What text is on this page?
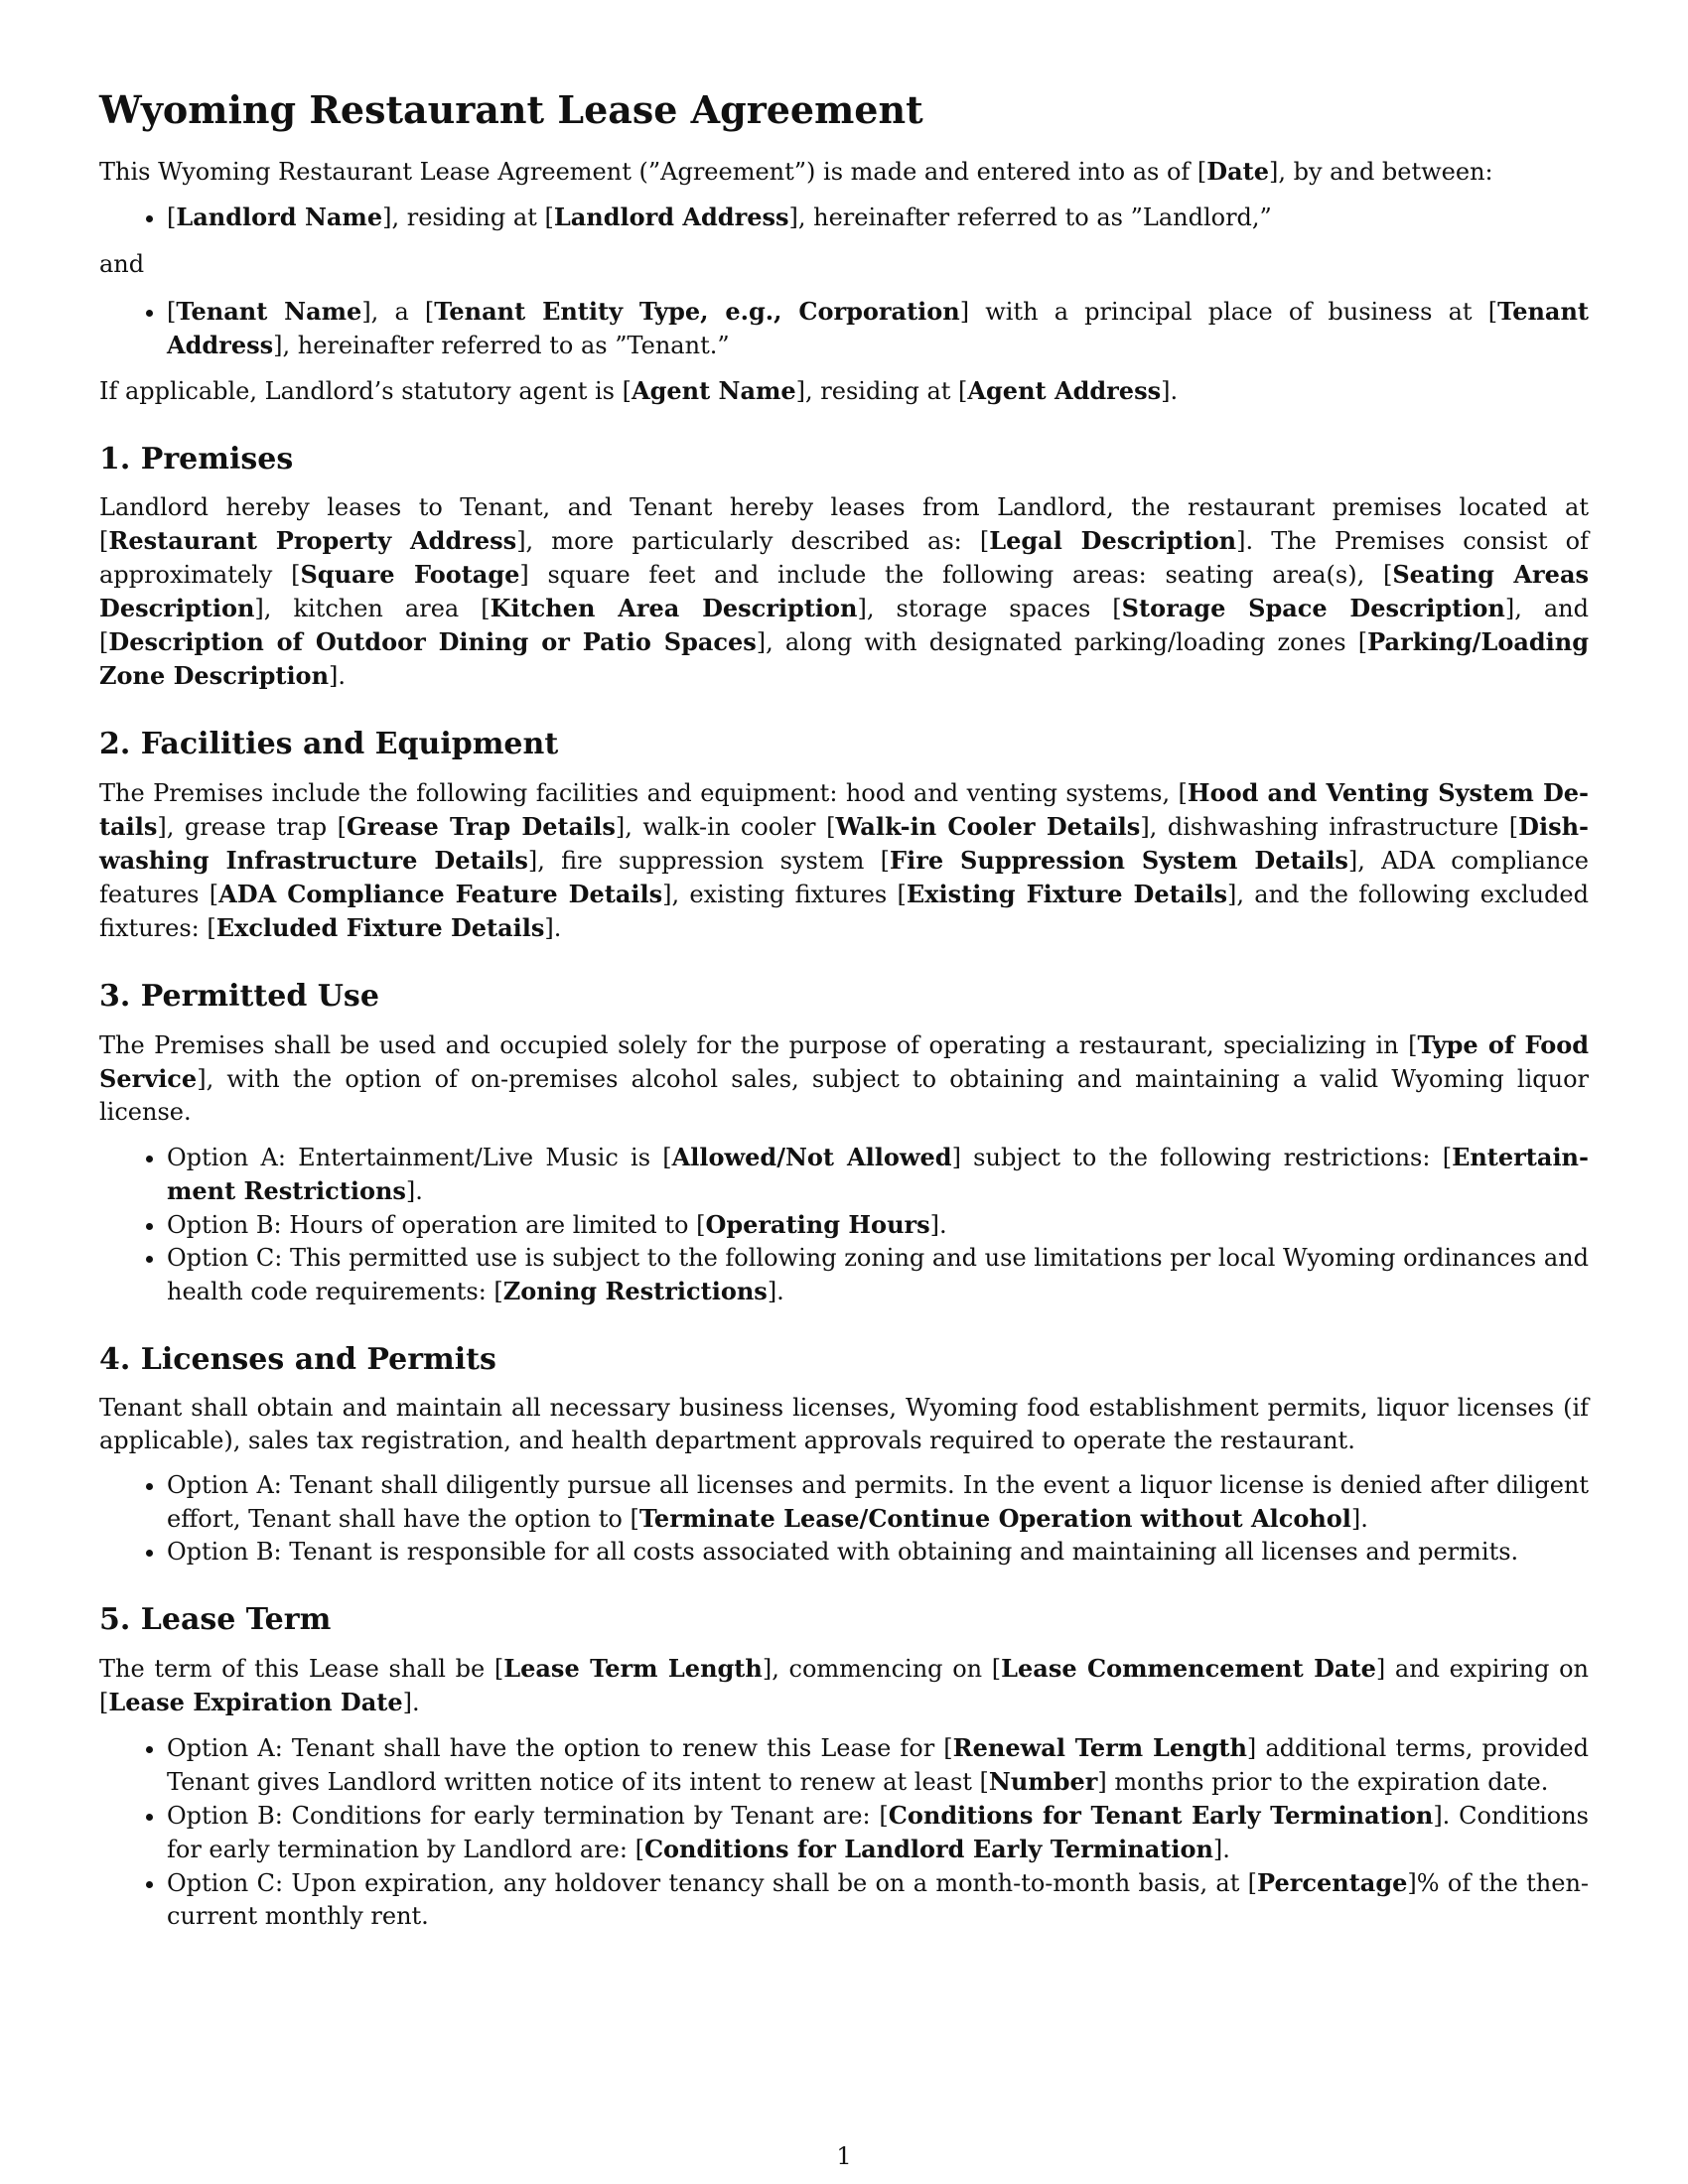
Wyoming Restaurant Lease Agreement

This Wyoming Restaurant Lease Agreement (”Agreement”) is made and entered into as of [Date], by and between:

• [Landlord Name], residing at [Landlord Address], hereinafter referred to as ”Landlord,”

and

• [Tenant Name], a [Tenant Entity Type, e.g., Corporation] with a principal place of business at [Tenant Address], hereinafter referred to as ”Tenant.”

If applicable, Landlord’s statutory agent is [Agent Name], residing at [Agent Address].

1. Premises

Landlord hereby leases to Tenant, and Tenant hereby leases from Landlord, the restaurant premises located at [Restaurant Property Address], more particularly described as: [Legal Description]. The Premises consist of approximately [Square Footage] square feet and include the following areas: seating area(s), [Seating Areas Description], kitchen area [Kitchen Area Description], storage spaces [Storage Space Description], and [Description of Outdoor Dining or Patio Spaces], along with designated parking/loading zones [Parking/Loading Zone Description].

2. Facilities and Equipment

The Premises include the following facilities and equipment: hood and venting systems, [Hood and Venting System Details], grease trap [Grease Trap Details], walk-in cooler [Walk-in Cooler Details], dishwashing infrastructure [Dishwashing Infrastructure Details], fire suppression system [Fire Suppression System Details], ADA compliance features [ADA Compliance Feature Details], existing fixtures [Existing Fixture Details], and the following excluded fixtures: [Excluded Fixture Details].

3. Permitted Use

The Premises shall be used and occupied solely for the purpose of operating a restaurant, specializing in [Type of Food Service], with the option of on-premises alcohol sales, subject to obtaining and maintaining a valid Wyoming liquor license.

• Option A: Entertainment/Live Music is [Allowed/Not Allowed] subject to the following restrictions: [Entertainment Restrictions].
• Option B: Hours of operation are limited to [Operating Hours].
• Option C: This permitted use is subject to the following zoning and use limitations per local Wyoming ordinances and health code requirements: [Zoning Restrictions].
4. Licenses and Permits

Tenant shall obtain and maintain all necessary business licenses, Wyoming food establishment permits, liquor licenses (if applicable), sales tax registration, and health department approvals required to operate the restaurant.

• Option A: Tenant shall diligently pursue all licenses and permits. In the event a liquor license is denied after diligent effort, Tenant shall have the option to [Terminate Lease/Continue Operation without Alcohol].
• Option B: Tenant is responsible for all costs associated with obtaining and maintaining all licenses and permits.
5. Lease Term

The term of this Lease shall be [Lease Term Length], commencing on [Lease Commencement Date] and expiring on [Lease Expiration Date].

• Option A: Tenant shall have the option to renew this Lease for [Renewal Term Length] additional terms, provided Tenant gives Landlord written notice of its intent to renew at least [Number] months prior to the expiration date.
• Option B: Conditions for early termination by Tenant are: [Conditions for Tenant Early Termination]. Conditions for early termination by Landlord are: [Conditions for Landlord Early Termination].
• Option C: Upon expiration, any holdover tenancy shall be on a month-to-month basis, at [Percentage]% of the then-current monthly rent.
1
